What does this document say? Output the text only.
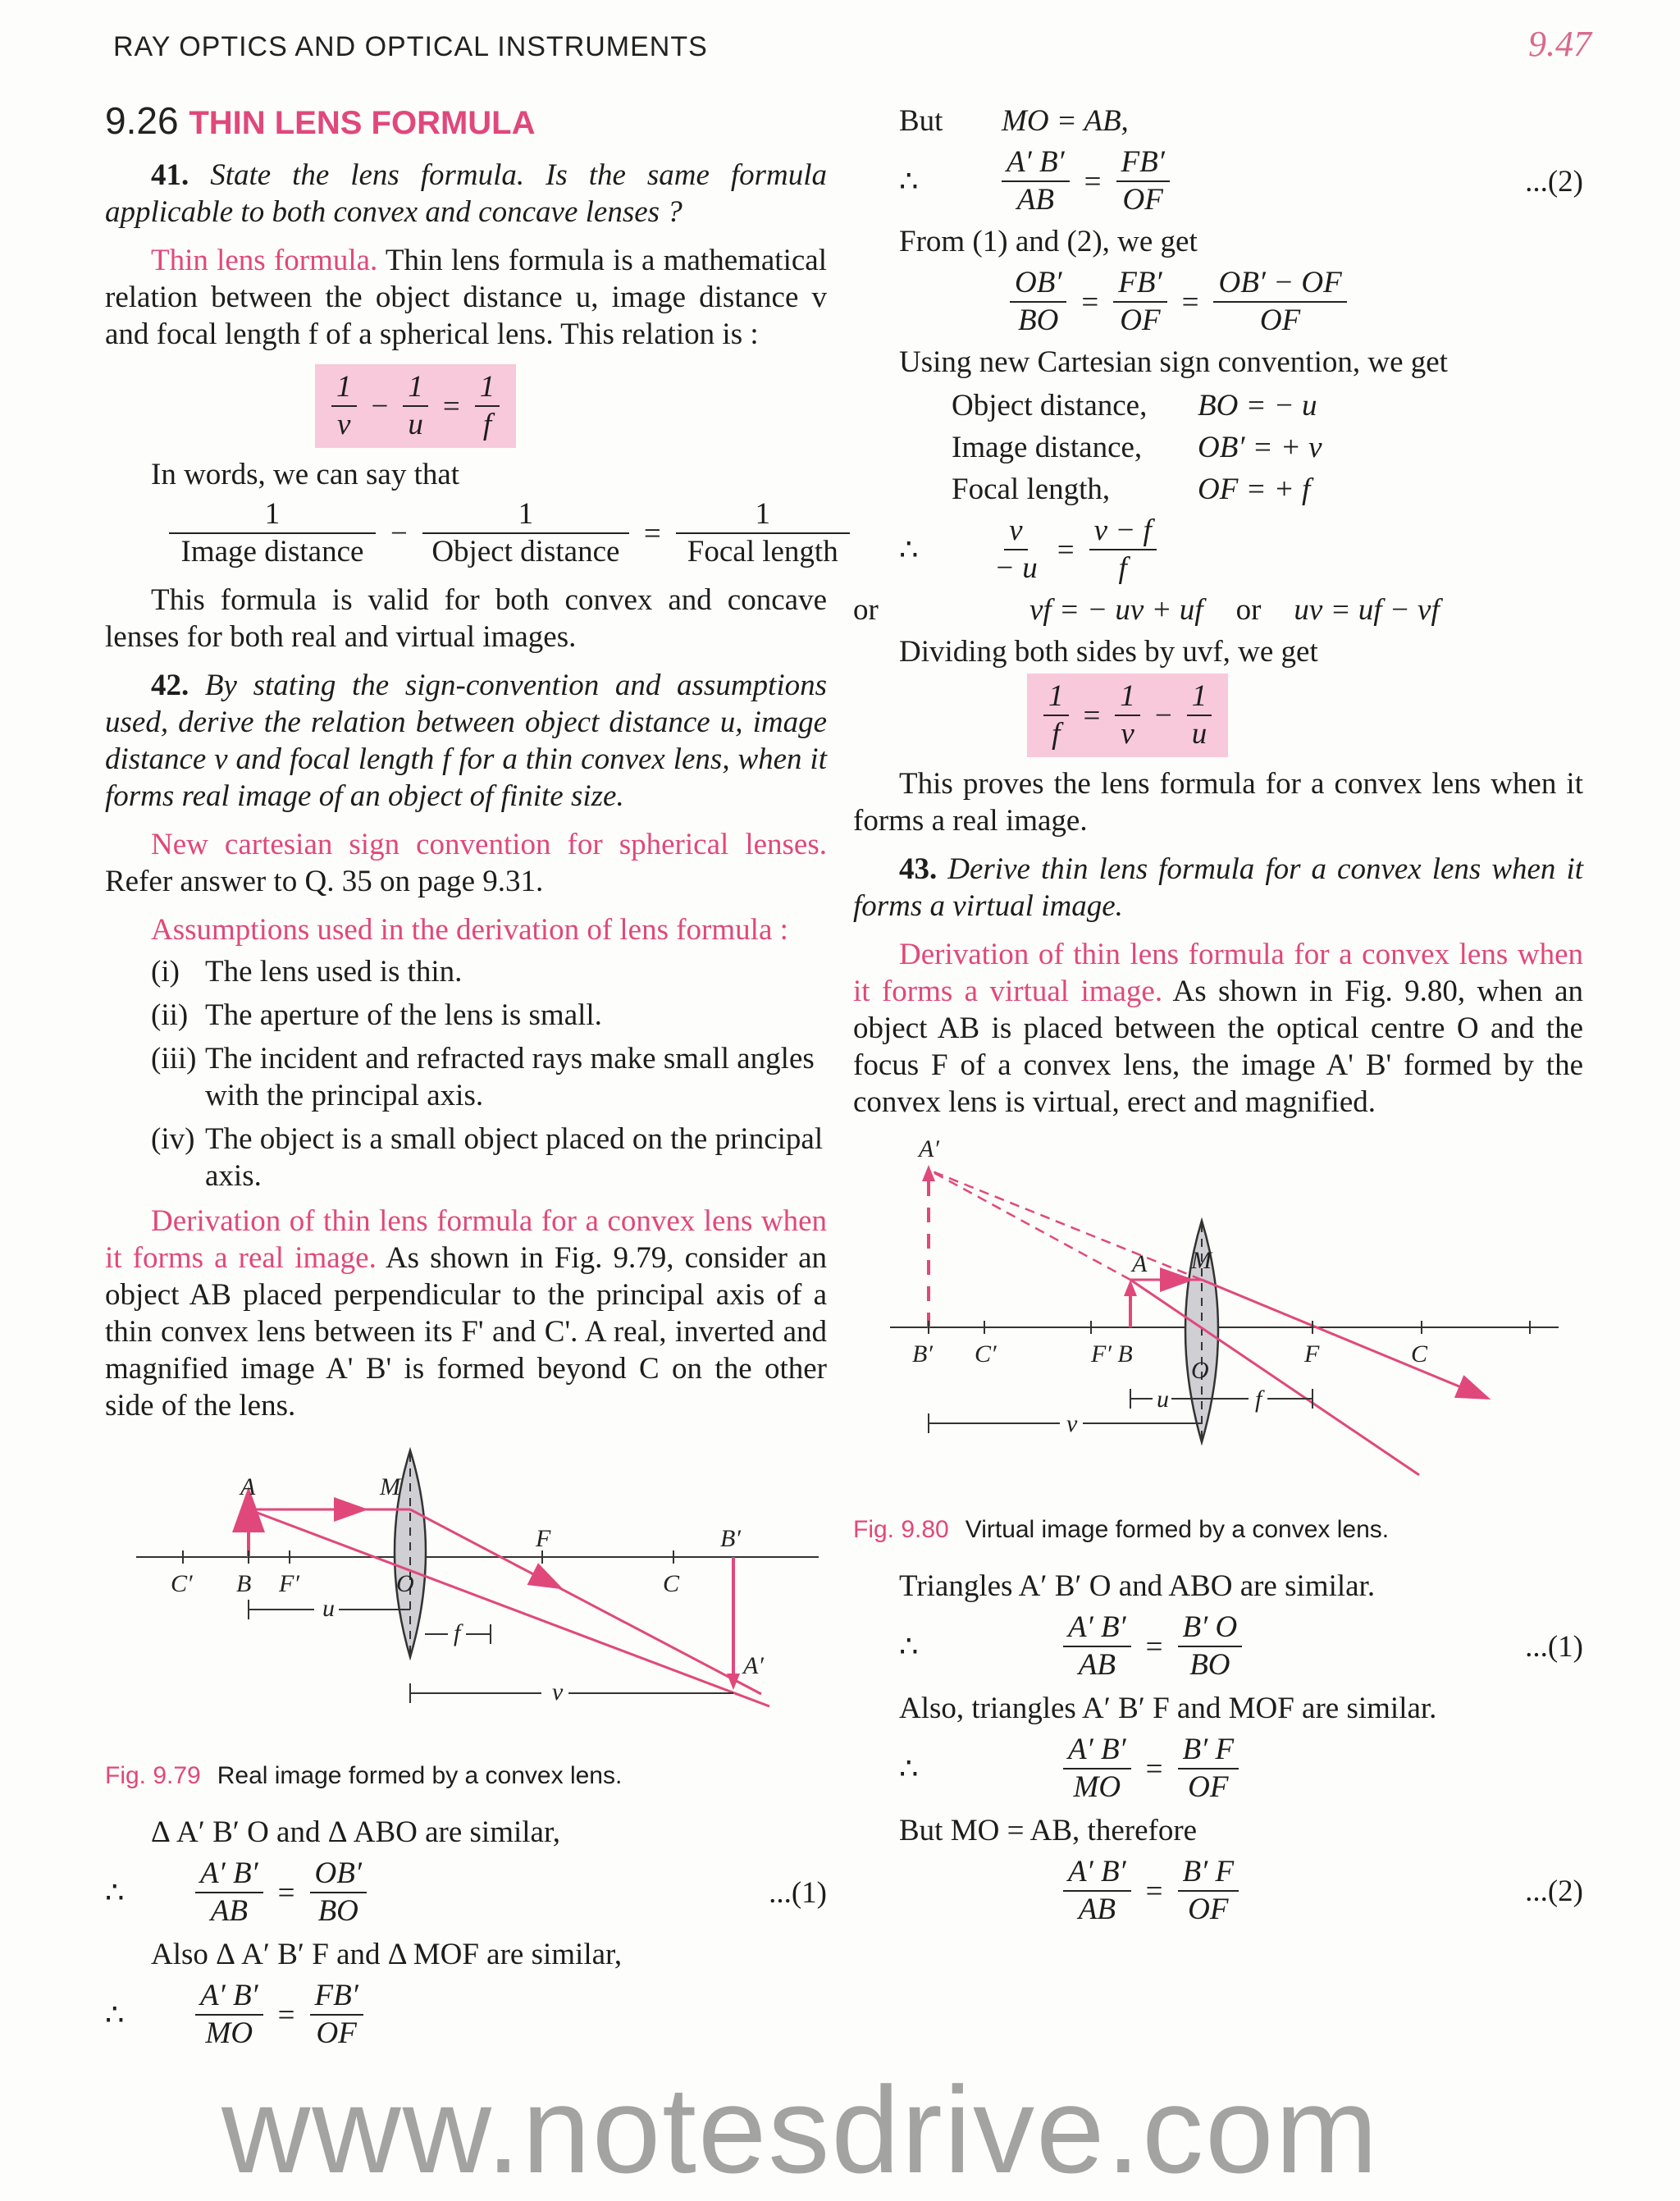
RAY OPTICS AND OPTICAL INSTRUMENTS	9.47
9.26 THIN LENS FORMULA

41. State the lens formula. Is the same formula applicable to both convex and concave lenses ?

Thin lens formula. Thin lens formula is a mathematical relation between the object distance u, image distance v and focal length f of a spherical lens. This relation is :

$\frac{1}{v} - \frac{1}{u} = \frac{1}{f}$

In words, we can say that

$\frac{1}{\text{Image distance}} - \frac{1}{\text{Object distance}} = \frac{1}{\text{Focal length}}$

This formula is valid for both convex and concave lenses for both real and virtual images.

42. By stating the sign-convention and assumptions used, derive the relation between object distance u, image distance v and focal length f for a thin convex lens, when it forms real image of an object of finite size.

New cartesian sign convention for spherical lenses. Refer answer to Q. 35 on page 9.31.

Assumptions used in the derivation of lens formula :

(i) The lens used is thin.
(ii) The aperture of the lens is small.
(iii) The incident and refracted rays make small angles with the principal axis.
(iv) The object is a small object placed on the principal axis.

Derivation of thin lens formula for a convex lens when it forms a real image. As shown in Fig. 9.79, consider an object AB placed perpendicular to the principal axis of a thin convex lens between its F' and C'. A real, inverted and magnified image A' B' is formed beyond C on the other side of the lens.

A	M
C′ B F′	O
F
C
B′
A′
u
f
v
Fig. 9.79 Real image formed by a convex lens.

Δ A′ B′ O and Δ ABO are similar,

∴	$\frac{A' B'}{AB} = \frac{OB'}{BO}$	...(1)

Also Δ A′ B′ F and Δ MOF are similar,

∴	$\frac{A' B'}{MO} = \frac{FB'}{OF}$
But	MO = AB,
∴	$\frac{A' B'}{AB} = \frac{FB'}{OF}$	...(2)

From (1) and (2), we get

$\frac{OB'}{BO} = \frac{FB'}{OF} = \frac{OB' - OF}{OF}$

Using new Cartesian sign convention, we get

Object distance,	BO = − u
Image distance,	OB′ = + v
Focal length,	OF = + f
∴	$\frac{v}{- u} = \frac{v - f}{f}$
or	vf = − uv + uf or uv = uf − vf

Dividing both sides by uvf, we get

$\frac{1}{f} = \frac{1}{v} - \frac{1}{u}$

This proves the lens formula for a convex lens when it forms a real image.

43. Derive thin lens formula for a convex lens when it forms a virtual image.

Derivation of thin lens formula for a convex lens when it forms a virtual image. As shown in Fig. 9.80, when an object AB is placed between the optical centre O and the focus F of a convex lens, the image A' B' formed by the convex lens is virtual, erect and magnified.

A′
M
A
B′ C′	F′ B
O
F	C
u	f
v
Fig. 9.80 Virtual image formed by a convex lens.

Triangles A′ B′ O and ABO are similar.

∴	$\frac{A' B'}{AB} = \frac{B' O}{BO}$	...(1)

Also, triangles A′ B′ F and MOF are similar.

∴	$\frac{A' B'}{MO} = \frac{B' F}{OF}$

But MO = AB, therefore

$\frac{A' B'}{AB} = \frac{B' F}{OF}$	...(2)
www.notesdrive.com
